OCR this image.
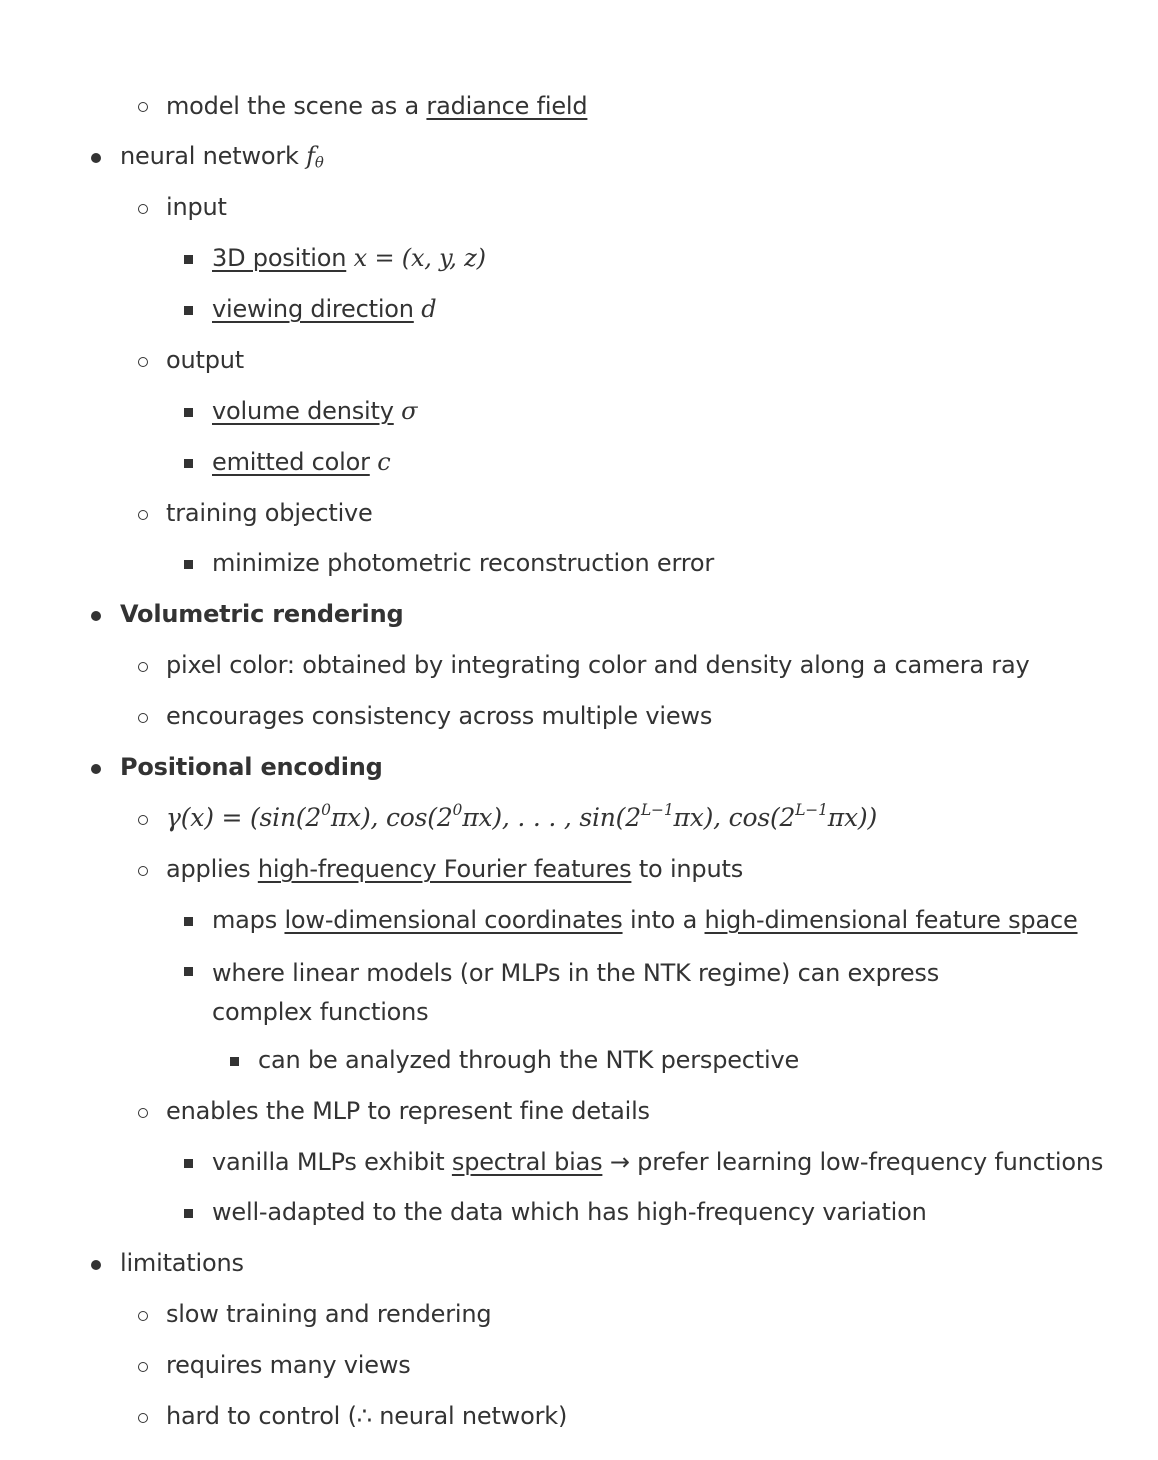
model the scene as a radiance field
neural network $f_\theta$
input
3D position x = (x, y, z)
viewing direction d
output
volume density σ
emitted color c
training objective
minimize photometric reconstruction error
Volumetric rendering
pixel color: obtained by integrating color and density along a camera ray
encourages consistency across multiple views
Positional encoding
$\gamma(x) = (\sin(2^0\pi x)$, $\cos(2^0\pi x)$, . . . , $\sin(2^{L-1}\pi x)$, $\cos(2^{L-1}\pi x)$)
applies high-frequency Fourier features to inputs
maps low-dimensional coordinates into a high-dimensional feature space
where linear models (or MLPs in the NTK regime) can express complex functions
can be analyzed through the NTK perspective
enables the MLP to represent fine details
vanilla MLPs exhibit spectral bias → prefer learning low-frequency functions
well-adapted to the data which has high-frequency variation
limitations
slow training and rendering
requires many views
hard to control (∴ neural network)
